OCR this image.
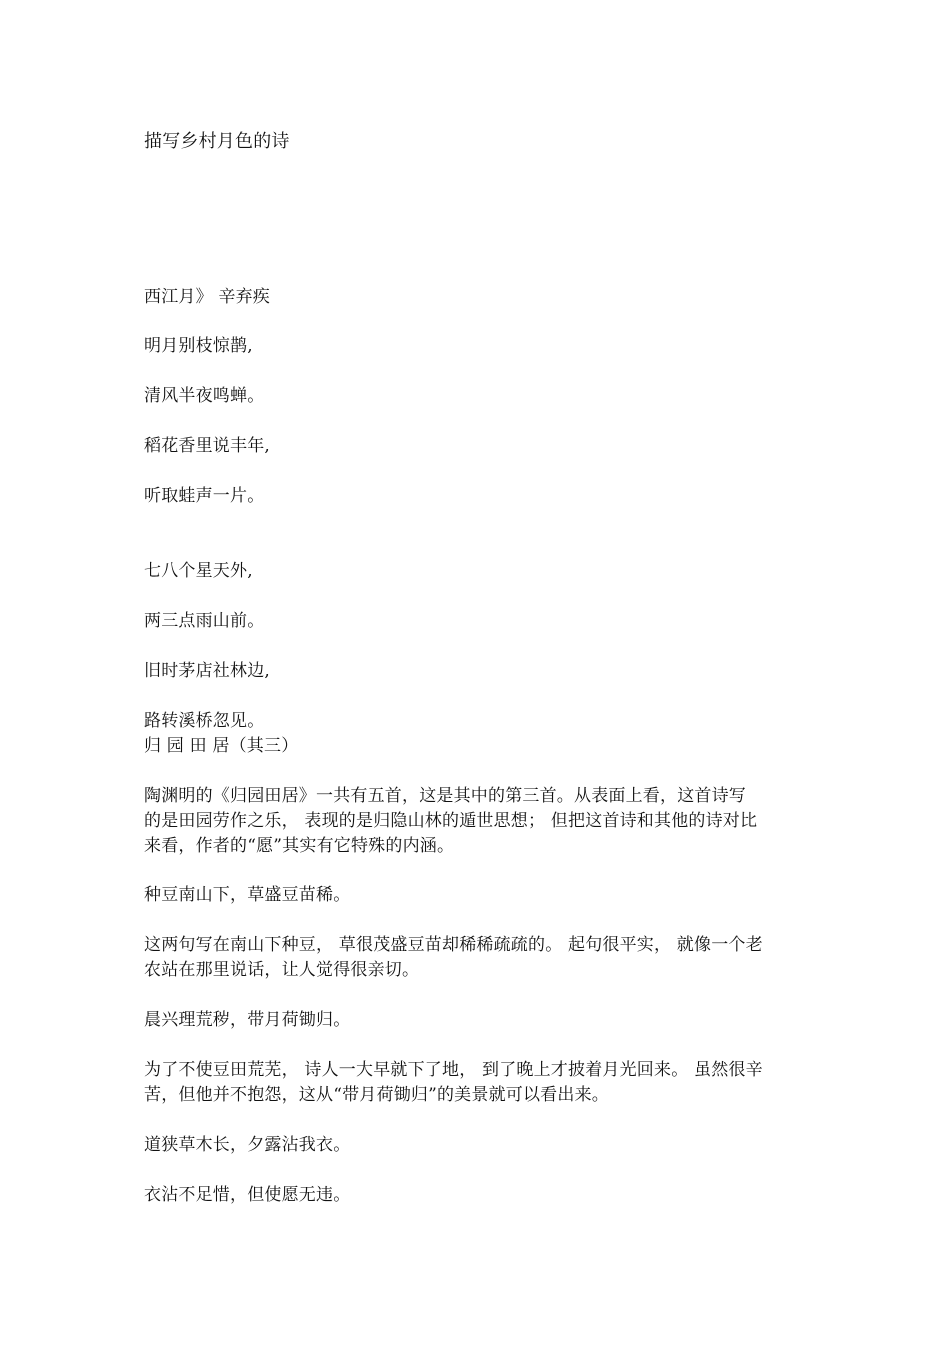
描写乡村月色的诗
西江月》 辛弃疾
明月别枝惊鹊,
清风半夜鸣蝉。
稻花香里说丰年,
听取蛙声一片。
七八个星天外,
两三点雨山前。
旧时茅店社林边,
路转溪桥忽见。
归 园 田 居（其三）
陶渊明的《归园田居》一共有五首，这是其中的第三首。从表面上看，这首诗写
的是田园劳作之乐， 表现的是归隐山林的遁世思想； 但把这首诗和其他的诗对比
来看，作者的“愿”其实有它特殊的内涵。
种豆南山下，草盛豆苗稀。
这两句写在南山下种豆， 草很茂盛豆苗却稀稀疏疏的。 起句很平实， 就像一个老
农站在那里说话，让人觉得很亲切。
晨兴理荒秽，带月荷锄归。
为了不使豆田荒芜， 诗人一大早就下了地， 到了晚上才披着月光回来。 虽然很辛
苦，但他并不抱怨，这从“带月荷锄归”的美景就可以看出来。
道狭草木长，夕露沾我衣。
衣沾不足惜，但使愿无违。
